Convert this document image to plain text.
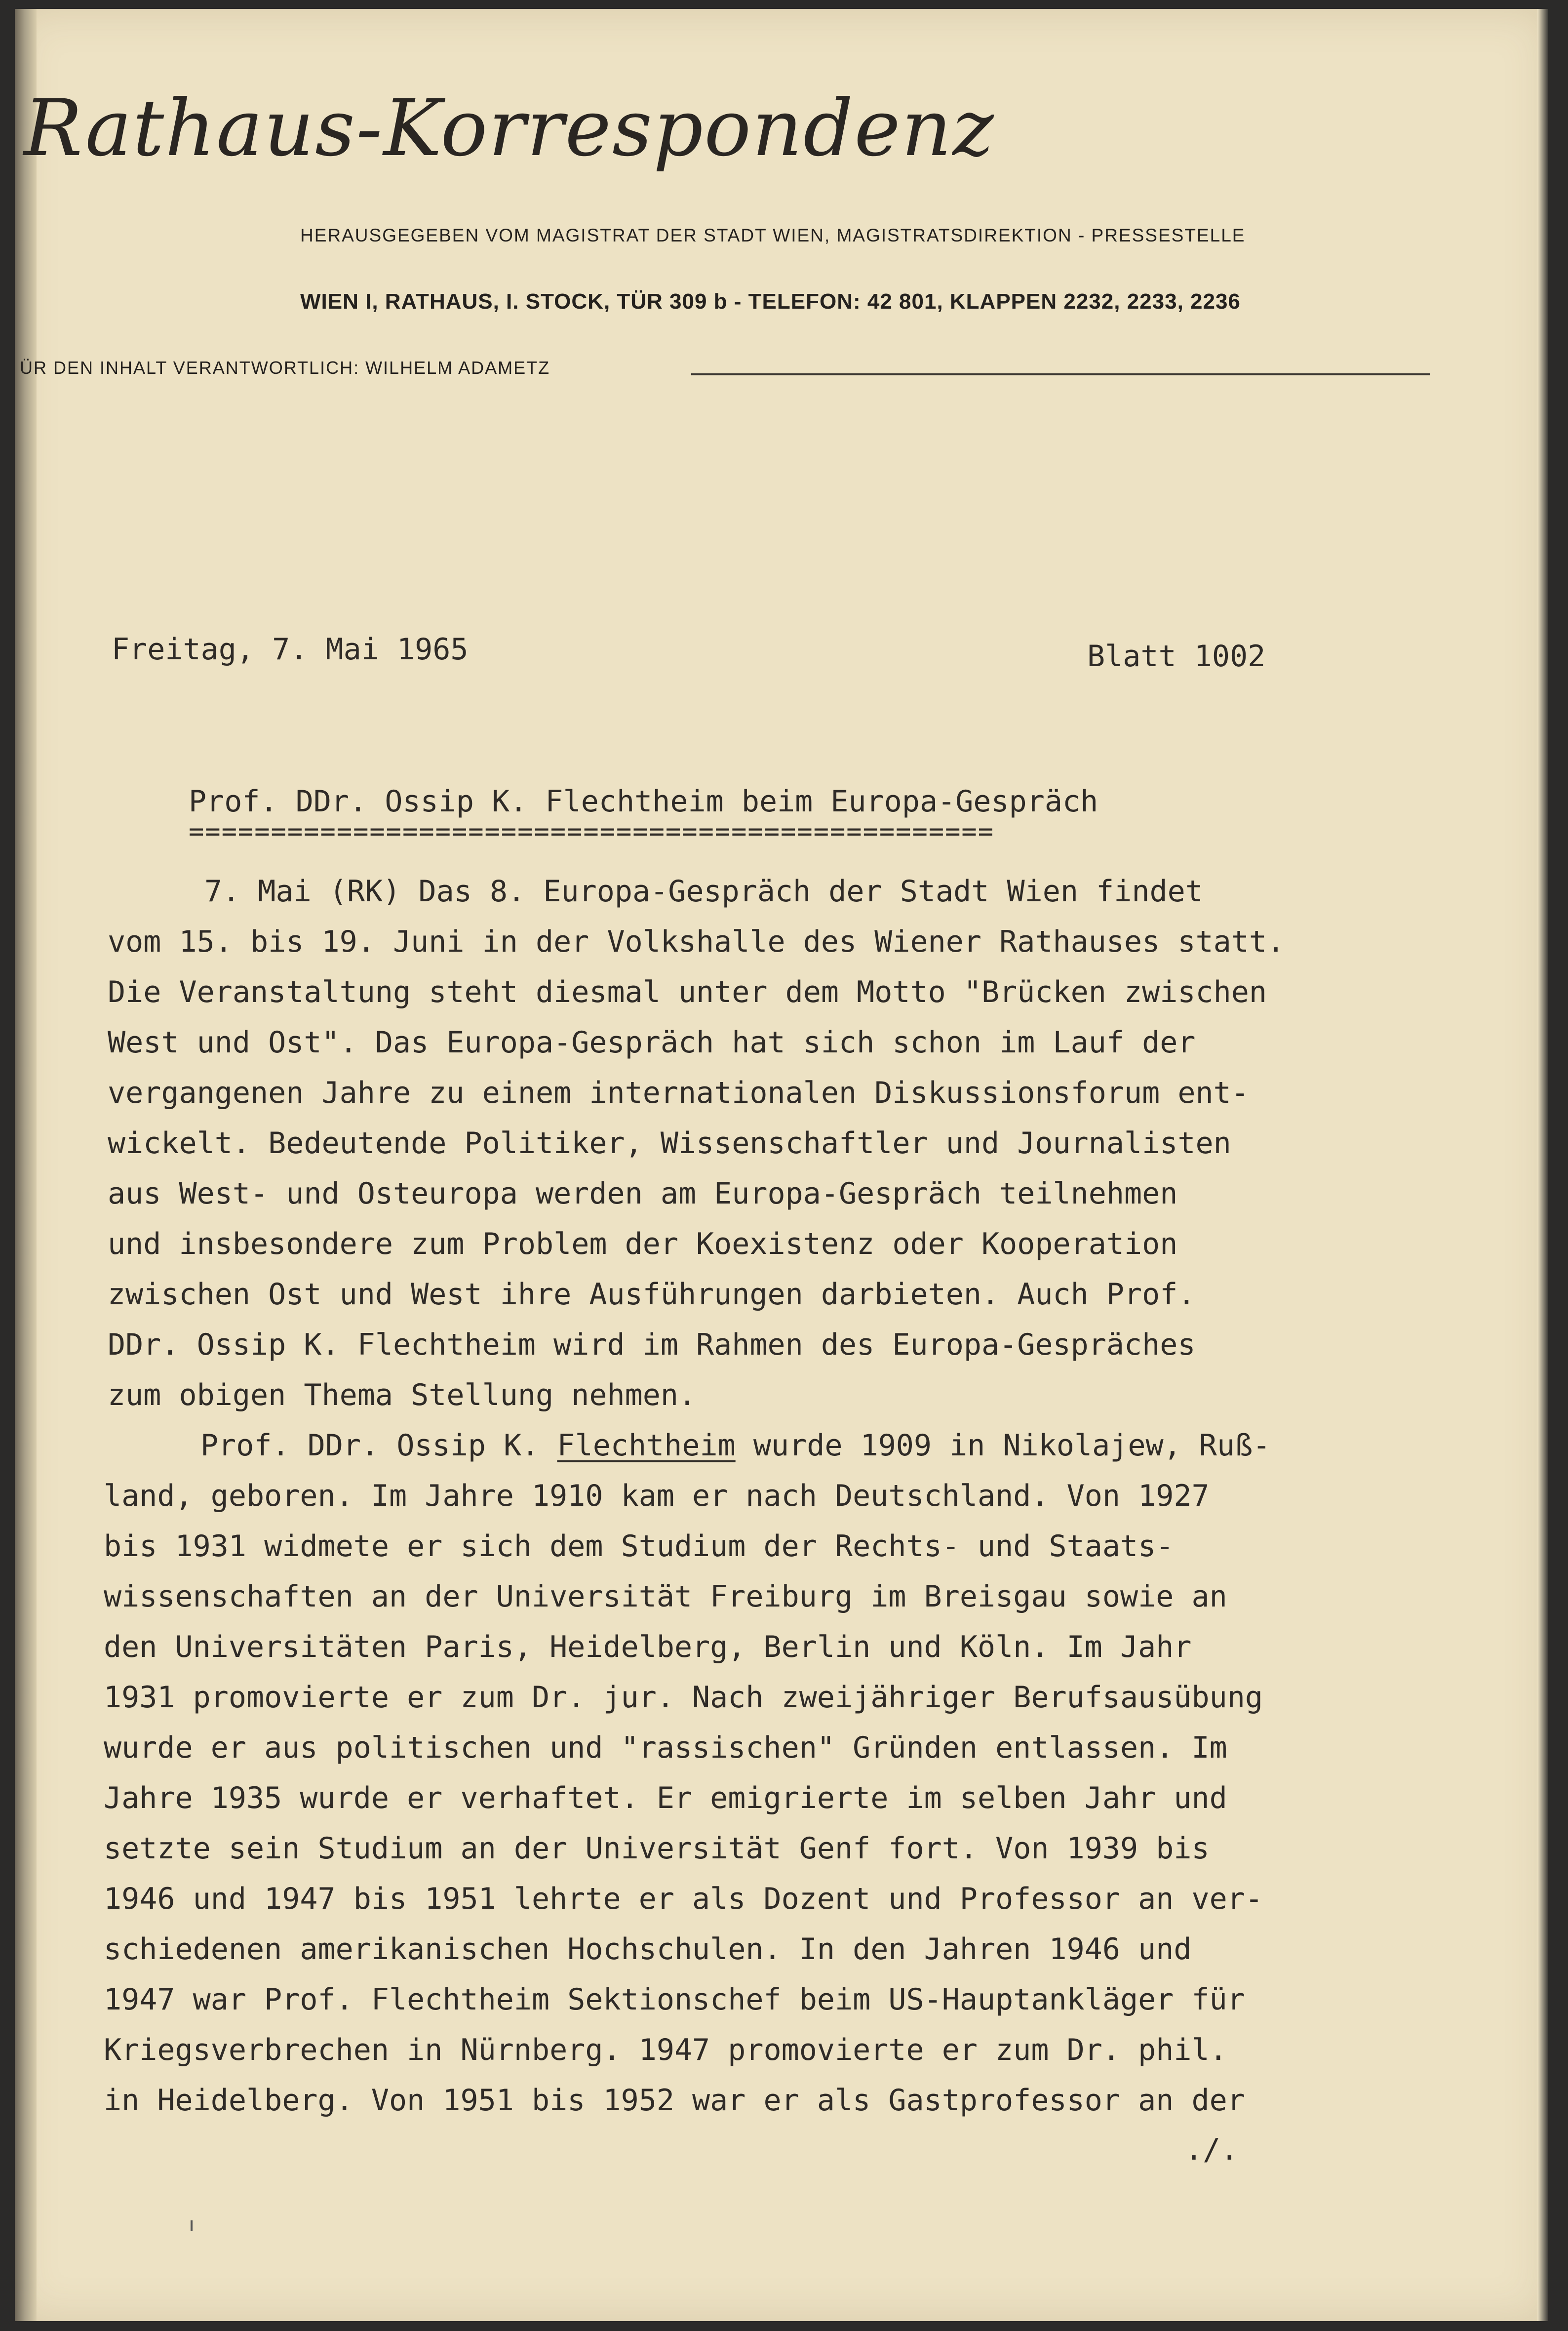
Rathaus-Korrespondenz
HERAUSGEGEBEN VOM MAGISTRAT DER STADT WIEN, MAGISTRATSDIREKTION - PRESSESTELLE
WIEN I, RATHAUS, I. STOCK, TÜR 309 b - TELEFON: 42 801, KLAPPEN 2232, 2233, 2236
ÜR DEN INHALT VERANTWORTLICH: WILHELM ADAMETZ
Freitag, 7. Mai 1965	Blatt 1002
Prof. DDr. Ossip K. Flechtheim beim Europa-Gespräch
=================================================
7. Mai (RK) Das 8. Europa-Gespräch der Stadt Wien findet
vom 15. bis 19. Juni in der Volkshalle des Wiener Rathauses statt.
Die Veranstaltung steht diesmal unter dem Motto "Brücken zwischen
West und Ost". Das Europa-Gespräch hat sich schon im Lauf der
vergangenen Jahre zu einem internationalen Diskussionsforum ent-
wickelt. Bedeutende Politiker, Wissenschaftler und Journalisten
aus West- und Osteuropa werden am Europa-Gespräch teilnehmen
und insbesondere zum Problem der Koexistenz oder Kooperation
zwischen Ost und West ihre Ausführungen darbieten. Auch Prof.
DDr. Ossip K. Flechtheim wird im Rahmen des Europa-Gespräches
zum obigen Thema Stellung nehmen.
Prof. DDr. Ossip K. Flechtheim wurde 1909 in Nikolajew, Ruß-
land, geboren. Im Jahre 1910 kam er nach Deutschland. Von 1927
bis 1931 widmete er sich dem Studium der Rechts- und Staats-
wissenschaften an der Universität Freiburg im Breisgau sowie an
den Universitäten Paris, Heidelberg, Berlin und Köln. Im Jahr
1931 promovierte er zum Dr. jur. Nach zweijähriger Berufsausübung
wurde er aus politischen und "rassischen" Gründen entlassen. Im
Jahre 1935 wurde er verhaftet. Er emigrierte im selben Jahr und
setzte sein Studium an der Universität Genf fort. Von 1939 bis
1946 und 1947 bis 1951 lehrte er als Dozent und Professor an ver-
schiedenen amerikanischen Hochschulen. In den Jahren 1946 und
1947 war Prof. Flechtheim Sektionschef beim US-Hauptankläger für
Kriegsverbrechen in Nürnberg. 1947 promovierte er zum Dr. phil.
in Heidelberg. Von 1951 bis 1952 war er als Gastprofessor an der
./.
